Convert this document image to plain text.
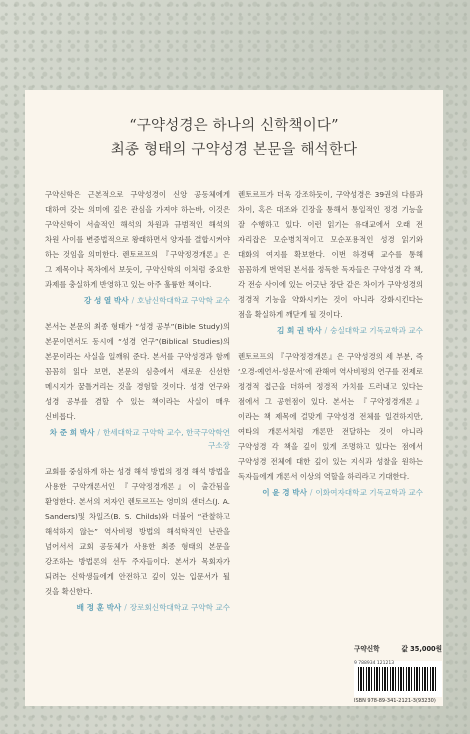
“구약성경은 하나의 신학책이다”
최종 형태의 구약성경 본문을 해석한다

구약신학은 근본적으로 구약성경이 신앙 공동체에게 대하여 갖는 의미에 깊은 관심을 가져야 하는바, 이것은 구약신학이 서술적인 해석의 차원과 규범적인 해석의 차원 사이를 변증법적으로 왕래하면서 양자를 결합시켜야 하는 것임을 의미한다. 렌토르프의 『구약정경개론』은 그 제목이나 목차에서 보듯이, 구약신학의 이처럼 중요한 과제를 충실하게 반영하고 있는 아주 훌륭한 책이다.

강 성 열 박사 / 호남신학대학교 구약학 교수

본서는 본문의 최종 형태가 “성경 공부”(Bible Study)의 본문이면서도 동시에 “성경 연구”(Biblical Studies)의 본문이라는 사실을 일깨워 준다. 본서를 구약성경과 함께 꼼꼼히 읽다 보면, 본문의 심층에서 새로운 신선한 메시지가 꿈틀거리는 것을 경험할 것이다. 성경 연구와 성경 공부를 겸할 수 있는 책이라는 사실이 매우 신비롭다.

차 준 희 박사 / 한세대학교 구약학 교수, 한국구약학연구소장

교회를 중심하게 하는 성경 해석 방법의 정경 해석 방법을 사용한 구약개론서인 『구약정경개론』이 출간됨을 환영한다. 본서의 저자인 렌토르프는 영미의 샌더스(J. A. Sanders)및 차일즈(B. S. Childs)와 더불어 “관찰하고 해석하지 않는” 역사비평 방법의 해석학적인 난관을 넘어서서 교회 공동체가 사용한 최종 형태의 본문을 강조하는 방법론의 선두 주자들이다. 본서가 목회자가 되려는 신학생들에게 안전하고 깊이 있는 입문서가 될 것을 확신한다.

배 정 훈 박사 / 장로회신학대학교 구약학 교수

렌토르프가 더욱 강조하듯이, 구약성경은 39권의 다름과 차이, 혹은 대조와 긴장을 통해서 통일적인 정경 기능을 잘 수행하고 있다. 이런 읽기는 유대교에서 오래 전 자리잡은 모순병치적이고 모순포용적인 성경 읽기와 대화의 여지를 확보한다. 이번 하경택 교수를 통해 꼼꼼하게 번역된 본서를 정독한 독자들은 구약성경 각 책, 각 전승 사이에 있는 어긋난 장단 같은 차이가 구약성경의 정경적 기능을 약화시키는 것이 아니라 강화시킨다는 점을 확실하게 깨닫게 될 것이다.

김 회 권 박사 / 숭실대학교 기독교학과 교수

렌토르프의 『구약정경개론』은 구약성경의 세 부분, 즉 ‘오경-예언서-성문서’에 관해여 역사비평의 연구를 전제로 정경적 접근을 더하여 정경적 가치를 드러내고 있다는 점에서 그 공헌점이 있다. 본서는 『구약정경개론』이라는 책 제목에 걸맞게 구약성경 전체를 일견하지만, 여타의 개론서처럼 개론만 전달하는 것이 아니라 구약성경 각 책을 깊이 있게 조명하고 있다는 점에서 구약성경 전체에 대한 깊이 있는 지식과 성찰을 원하는 독자들에게 개론서 이상의 역할을 하리라고 기대한다.

이 윤 경 박사 / 이화여자대학교 기독교학과 교수
구약신학	값 35,000원
9 788934 121213
ISBN 978-89-341-2121-3(93230)
